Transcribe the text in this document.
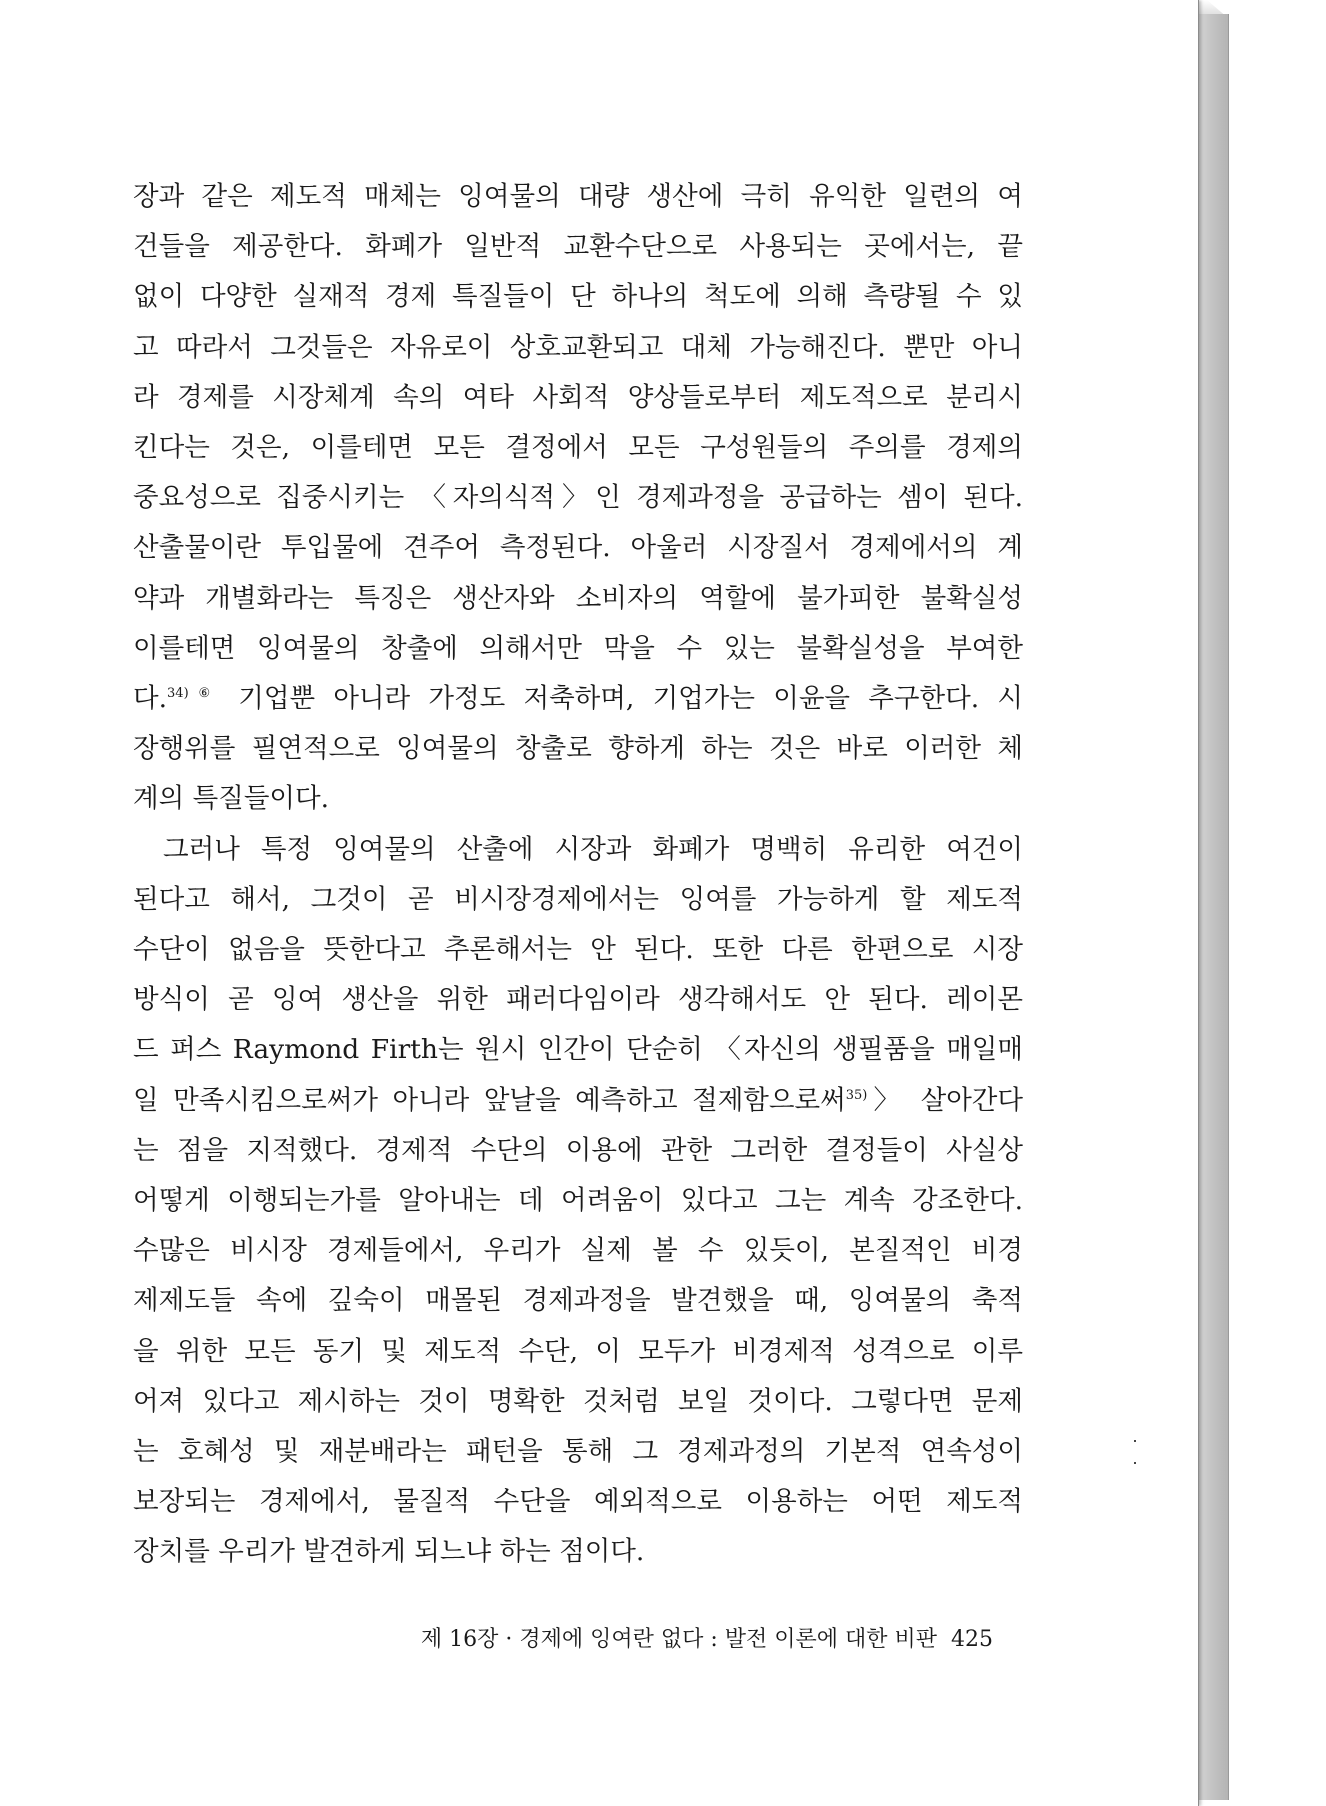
장과 같은 제도적 매체는 잉여물의 대량 생산에 극히 유익한 일련의 여

건들을 제공한다. 화폐가 일반적 교환수단으로 사용되는 곳에서는, 끝

없이 다양한 실재적 경제 특질들이 단 하나의 척도에 의해 측량될 수 있

고 따라서 그것들은 자유로이 상호교환되고 대체 가능해진다. 뿐만 아니

라 경제를 시장체계 속의 여타 사회적 양상들로부터 제도적으로 분리시

킨다는 것은, 이를테면 모든 결정에서 모든 구성원들의 주의를 경제의

중요성으로 집중시키는 〈자의식적〉인 경제과정을 공급하는 셈이 된다.

산출물이란 투입물에 견주어 측정된다. 아울러 시장질서 경제에서의 계

약과 개별화라는 특징은 생산자와 소비자의 역할에 불가피한 불확실성

이를테면 잉여물의 창출에 의해서만 막을 수 있는 불확실성을 부여한

다.$^{34)⑥}$ 기업뿐 아니라 가정도 저축하며, 기업가는 이윤을 추구한다. 시

장행위를 필연적으로 잉여물의 창출로 향하게 하는 것은 바로 이러한 체

계의 특질들이다.

그러나 특정 잉여물의 산출에 시장과 화폐가 명백히 유리한 여건이

된다고 해서, 그것이 곧 비시장경제에서는 잉여를 가능하게 할 제도적

수단이 없음을 뜻한다고 추론해서는 안 된다. 또한 다른 한편으로 시장

방식이 곧 잉여 생산을 위한 패러다임이라 생각해서도 안 된다. 레이몬

드 퍼스 Raymond Firth는 원시 인간이 단순히 〈자신의 생필품을 매일매

일 만족시킴으로써가 아니라 앞날을 예측하고 절제함으로써$^{35)}$〉 살아간다

는 점을 지적했다. 경제적 수단의 이용에 관한 그러한 결정들이 사실상

어떻게 이행되는가를 알아내는 데 어려움이 있다고 그는 계속 강조한다.

수많은 비시장 경제들에서, 우리가 실제 볼 수 있듯이, 본질적인 비경

제제도들 속에 깊숙이 매몰된 경제과정을 발견했을 때, 잉여물의 축적

을 위한 모든 동기 및 제도적 수단, 이 모두가 비경제적 성격으로 이루

어져 있다고 제시하는 것이 명확한 것처럼 보일 것이다. 그렇다면 문제

는 호혜성 및 재분배라는 패턴을 통해 그 경제과정의 기본적 연속성이

보장되는 경제에서, 물질적 수단을 예외적으로 이용하는 어떤 제도적

장치를 우리가 발견하게 되느냐 하는 점이다.

제 16장 · 경제에 잉여란 없다 : 발전 이론에 대한 비판 425
